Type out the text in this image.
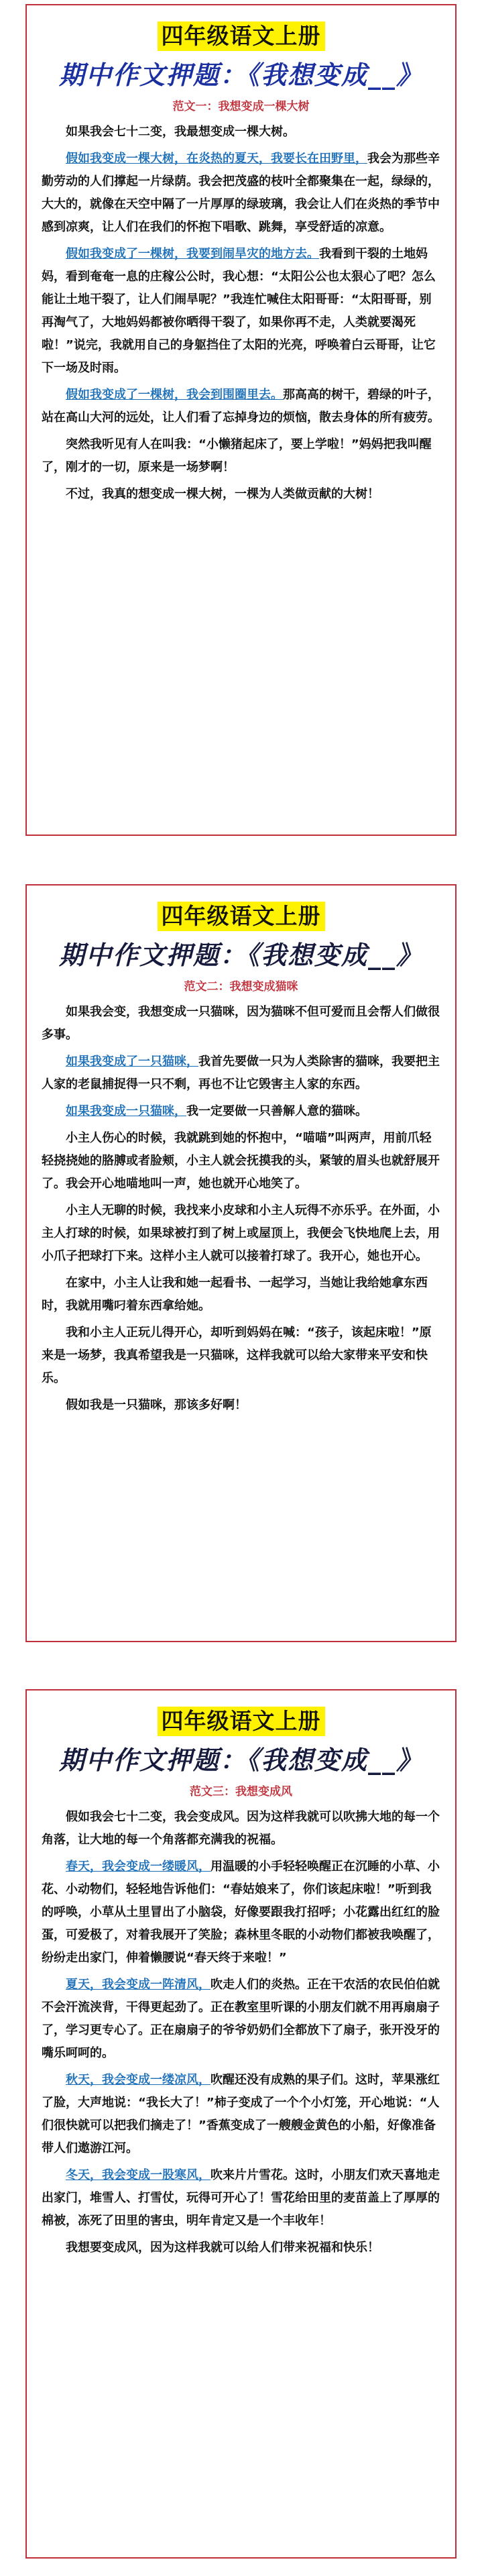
四年级语文上册
期中作文押题：《我想变成__》
范文一：我想变成一棵大树

如果我会七十二变，我最想变成一棵大树。

假如我变成一棵大树，在炎热的夏天，我要长在田野里，我会为那些辛勤劳动的人们撑起一片绿荫。我会把茂盛的枝叶全都聚集在一起，绿绿的，大大的，就像在天空中隔了一片厚厚的绿玻璃，我会让人们在炎热的季节中感到凉爽，让人们在我们的怀抱下唱歌、跳舞，享受舒适的凉意。

假如我变成了一棵树，我要到闹旱灾的地方去。我看到干裂的土地妈妈，看到奄奄一息的庄稼公公时，我心想：“太阳公公也太狠心了吧？怎么能让土地干裂了，让人们闹旱呢？”我连忙喊住太阳哥哥：“太阳哥哥，别再淘气了，大地妈妈都被你晒得干裂了，如果你再不走，人类就要渴死啦！”说完，我就用自己的身躯挡住了太阳的光亮，呼唤着白云哥哥，让它下一场及时雨。

假如我变成了一棵树，我会到围圈里去。那高高的树干，碧绿的叶子，站在高山大河的远处，让人们看了忘掉身边的烦恼，散去身体的所有疲劳。

突然我听见有人在叫我：“小懒猪起床了，要上学啦！”妈妈把我叫醒了，刚才的一切，原来是一场梦啊！

不过，我真的想变成一棵大树，一棵为人类做贡献的大树！

四年级语文上册
期中作文押题：《我想变成__》
范文二：我想变成猫咪

如果我会变，我想变成一只猫咪，因为猫咪不但可爱而且会帮人们做很多事。

如果我变成了一只猫咪，我首先要做一只为人类除害的猫咪，我要把主人家的老鼠捕捉得一只不剩，再也不让它毁害主人家的东西。

如果我变成一只猫咪，我一定要做一只善解人意的猫咪。

小主人伤心的时候，我就跳到她的怀抱中，“喵喵”叫两声，用前爪轻轻挠挠她的胳膊或者脸颊，小主人就会抚摸我的头，紧皱的眉头也就舒展开了。我会开心地喵地叫一声，她也就开心地笑了。

小主人无聊的时候，我找来小皮球和小主人玩得不亦乐乎。在外面，小主人打球的时候，如果球被打到了树上或屋顶上，我便会飞快地爬上去，用小爪子把球打下来。这样小主人就可以接着打球了。我开心，她也开心。

在家中，小主人让我和她一起看书、一起学习，当她让我给她拿东西时，我就用嘴叼着东西拿给她。

我和小主人正玩儿得开心，却听到妈妈在喊：“孩子，该起床啦！”原来是一场梦，我真希望我是一只猫咪，这样我就可以给大家带来平安和快乐。

假如我是一只猫咪，那该多好啊！

四年级语文上册
期中作文押题：《我想变成__》
范文三：我想变成风

假如我会七十二变，我会变成风。因为这样我就可以吹拂大地的每一个角落，让大地的每一个角落都充满我的祝福。

春天，我会变成一缕暖风，用温暖的小手轻轻唤醒正在沉睡的小草、小花、小动物们，轻轻地告诉他们：“春姑娘来了，你们该起床啦！”听到我的呼唤，小草从土里冒出了小脑袋，好像要跟我打招呼；小花露出红红的脸蛋，可爱极了，对着我展开了笑脸；森林里冬眠的小动物们都被我唤醒了，纷纷走出家门，伸着懒腰说“春天终于来啦！”

夏天，我会变成一阵清风，吹走人们的炎热。正在干农活的农民伯伯就不会汗流浃背，干得更起劲了。正在教室里听课的小朋友们就不用再扇扇子了，学习更专心了。正在扇扇子的爷爷奶奶们全都放下了扇子，张开没牙的嘴乐呵呵的。

秋天，我会变成一缕凉风，吹醒还没有成熟的果子们。这时，苹果涨红了脸，大声地说：“我长大了！”柿子变成了一个个小灯笼，开心地说：“人们很快就可以把我们摘走了！”香蕉变成了一艘艘金黄色的小船，好像准备带人们遨游江河。

冬天，我会变成一股寒风，吹来片片雪花。这时，小朋友们欢天喜地走出家门，堆雪人、打雪仗，玩得可开心了！雪花给田里的麦苗盖上了厚厚的棉被，冻死了田里的害虫，明年肯定又是一个丰收年！

我想要变成风，因为这样我就可以给人们带来祝福和快乐！
